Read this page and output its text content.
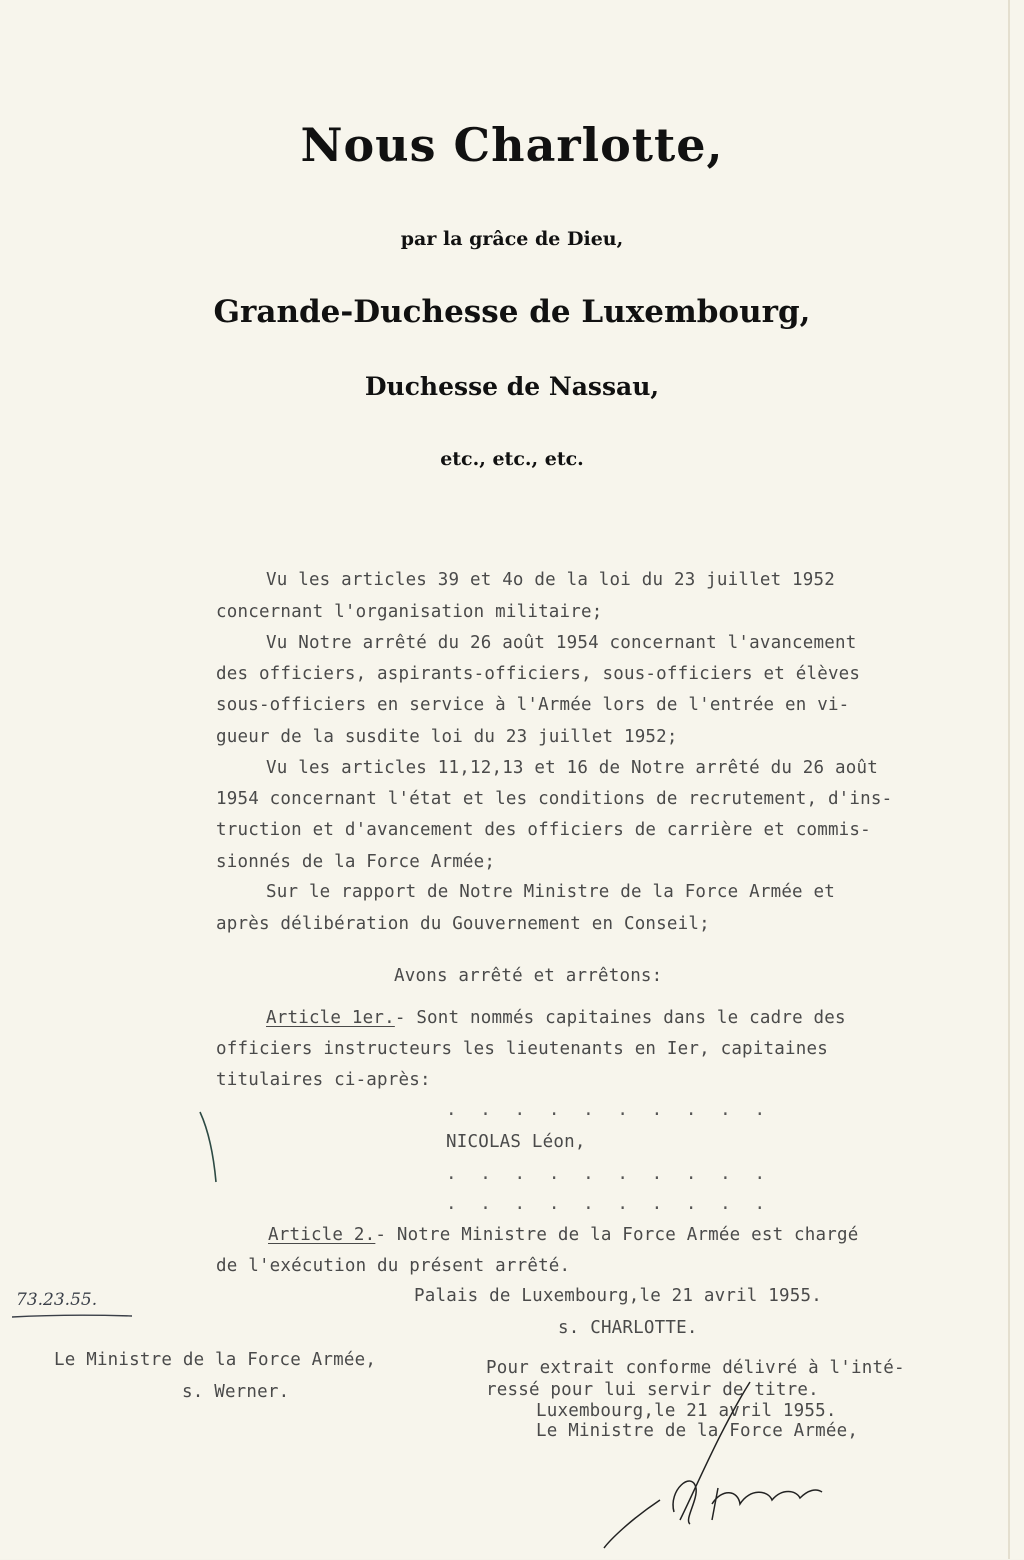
Nous Charlotte,
par la grâce de Dieu,
Grande-Duchesse de Luxembourg,
Duchesse de Nassau,
etc., etc., etc.
Vu les articles 39 et 4o de la loi du 23 juillet 1952
concernant l'organisation militaire;
Vu Notre arrêté du 26 août 1954 concernant l'avancement
des officiers, aspirants-officiers, sous-officiers et élèves
sous-officiers en service à l'Armée lors de l'entrée en vi-
gueur de la susdite loi du 23 juillet 1952;
Vu les articles 11,12,13 et 16 de Notre arrêté du 26 août
1954 concernant l'état et les conditions de recrutement, d'ins-
truction et d'avancement des officiers de carrière et commis-
sionnés de la Force Armée;
Sur le rapport de Notre Ministre de la Force Armée et
après délibération du Gouvernement en Conseil;
Avons arrêté et arrêtons:
Article 1er.- Sont nommés capitaines dans le cadre des
officiers instructeurs les lieutenants en Ier, capitaines
titulaires ci-après:
. . . . . . . . . .
NICOLAS Léon,
. . . . . . . . . .
. . . . . . . . . .
Article 2.- Notre Ministre de la Force Armée est chargé
de l'exécution du présent arrêté.
Palais de Luxembourg,le 21 avril 1955.
s. CHARLOTTE.
73.23.55.
Le Ministre de la Force Armée,
s. Werner.
Pour extrait conforme délivré à l'inté-
ressé pour lui servir de titre.
Luxembourg,le 21 avril 1955.
Le Ministre de la Force Armée,
